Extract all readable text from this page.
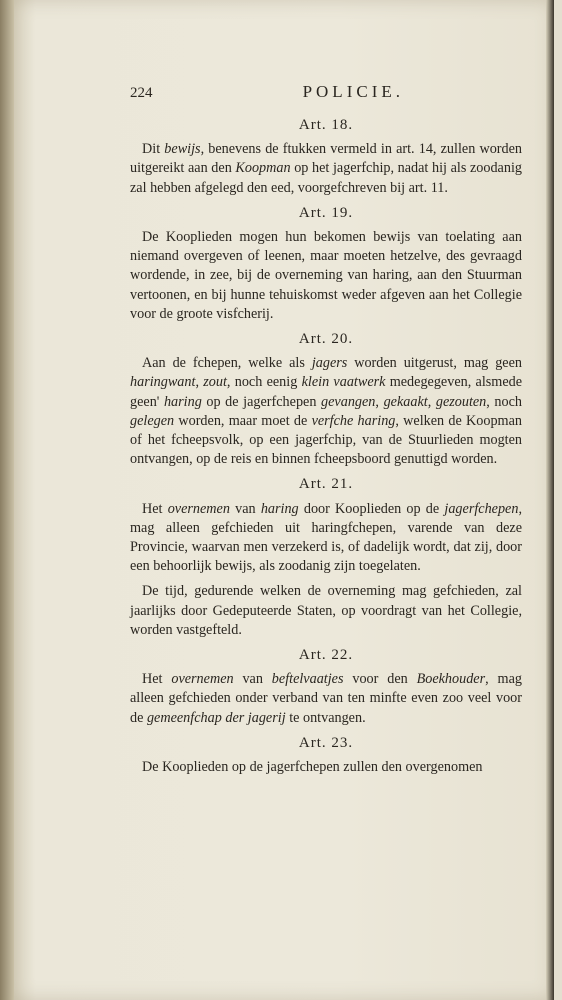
224	POLICIE.
Art. 18.

Dit bewijs, benevens de ftukken vermeld in art. 14, zullen worden uitgereikt aan den Koopman op het jagerfchip, nadat hij als zoodanig zal hebben afgelegd den eed, voorgefchreven bij art. 11.

Art. 19.

De Kooplieden mogen hun bekomen bewijs van toelating aan niemand overgeven of leenen, maar moeten hetzelve, des gevraagd wordende, in zee, bij de overneming van haring, aan den Stuurman vertoonen, en bij hunne tehuiskomst weder afgeven aan het Collegie voor de groote visfcherij.

Art. 20.

Aan de fchepen, welke als jagers worden uitgerust, mag geen haringwant, zout, noch eenig klein vaatwerk medegegeven, alsmede geen' haring op de jagerfchepen gevangen, gekaakt, gezouten, noch gelegen worden, maar moet de verfche haring, welken de Koopman of het fcheepsvolk, op een jagerfchip, van de Stuurlieden mogten ontvangen, op de reis en binnen fcheepsboord genuttigd worden.

Art. 21.

Het overnemen van haring door Kooplieden op de jagerfchepen, mag alleen gefchieden uit haringfchepen, varende van deze Provincie, waarvan men verzekerd is, of dadelijk wordt, dat zij, door een behoorlijk bewijs, als zoodanig zijn toegelaten.

De tijd, gedurende welken de overneming mag gefchieden, zal jaarlijks door Gedeputeerde Staten, op voordragt van het Collegie, worden vastgefteld.

Art. 22.

Het overnemen van beftelvaatjes voor den Boekhouder, mag alleen gefchieden onder verband van ten minfte even zoo veel voor de gemeenfchap der jagerij te ontvangen.

Art. 23.

De Kooplieden op de jagerfchepen zullen den overgenomen
